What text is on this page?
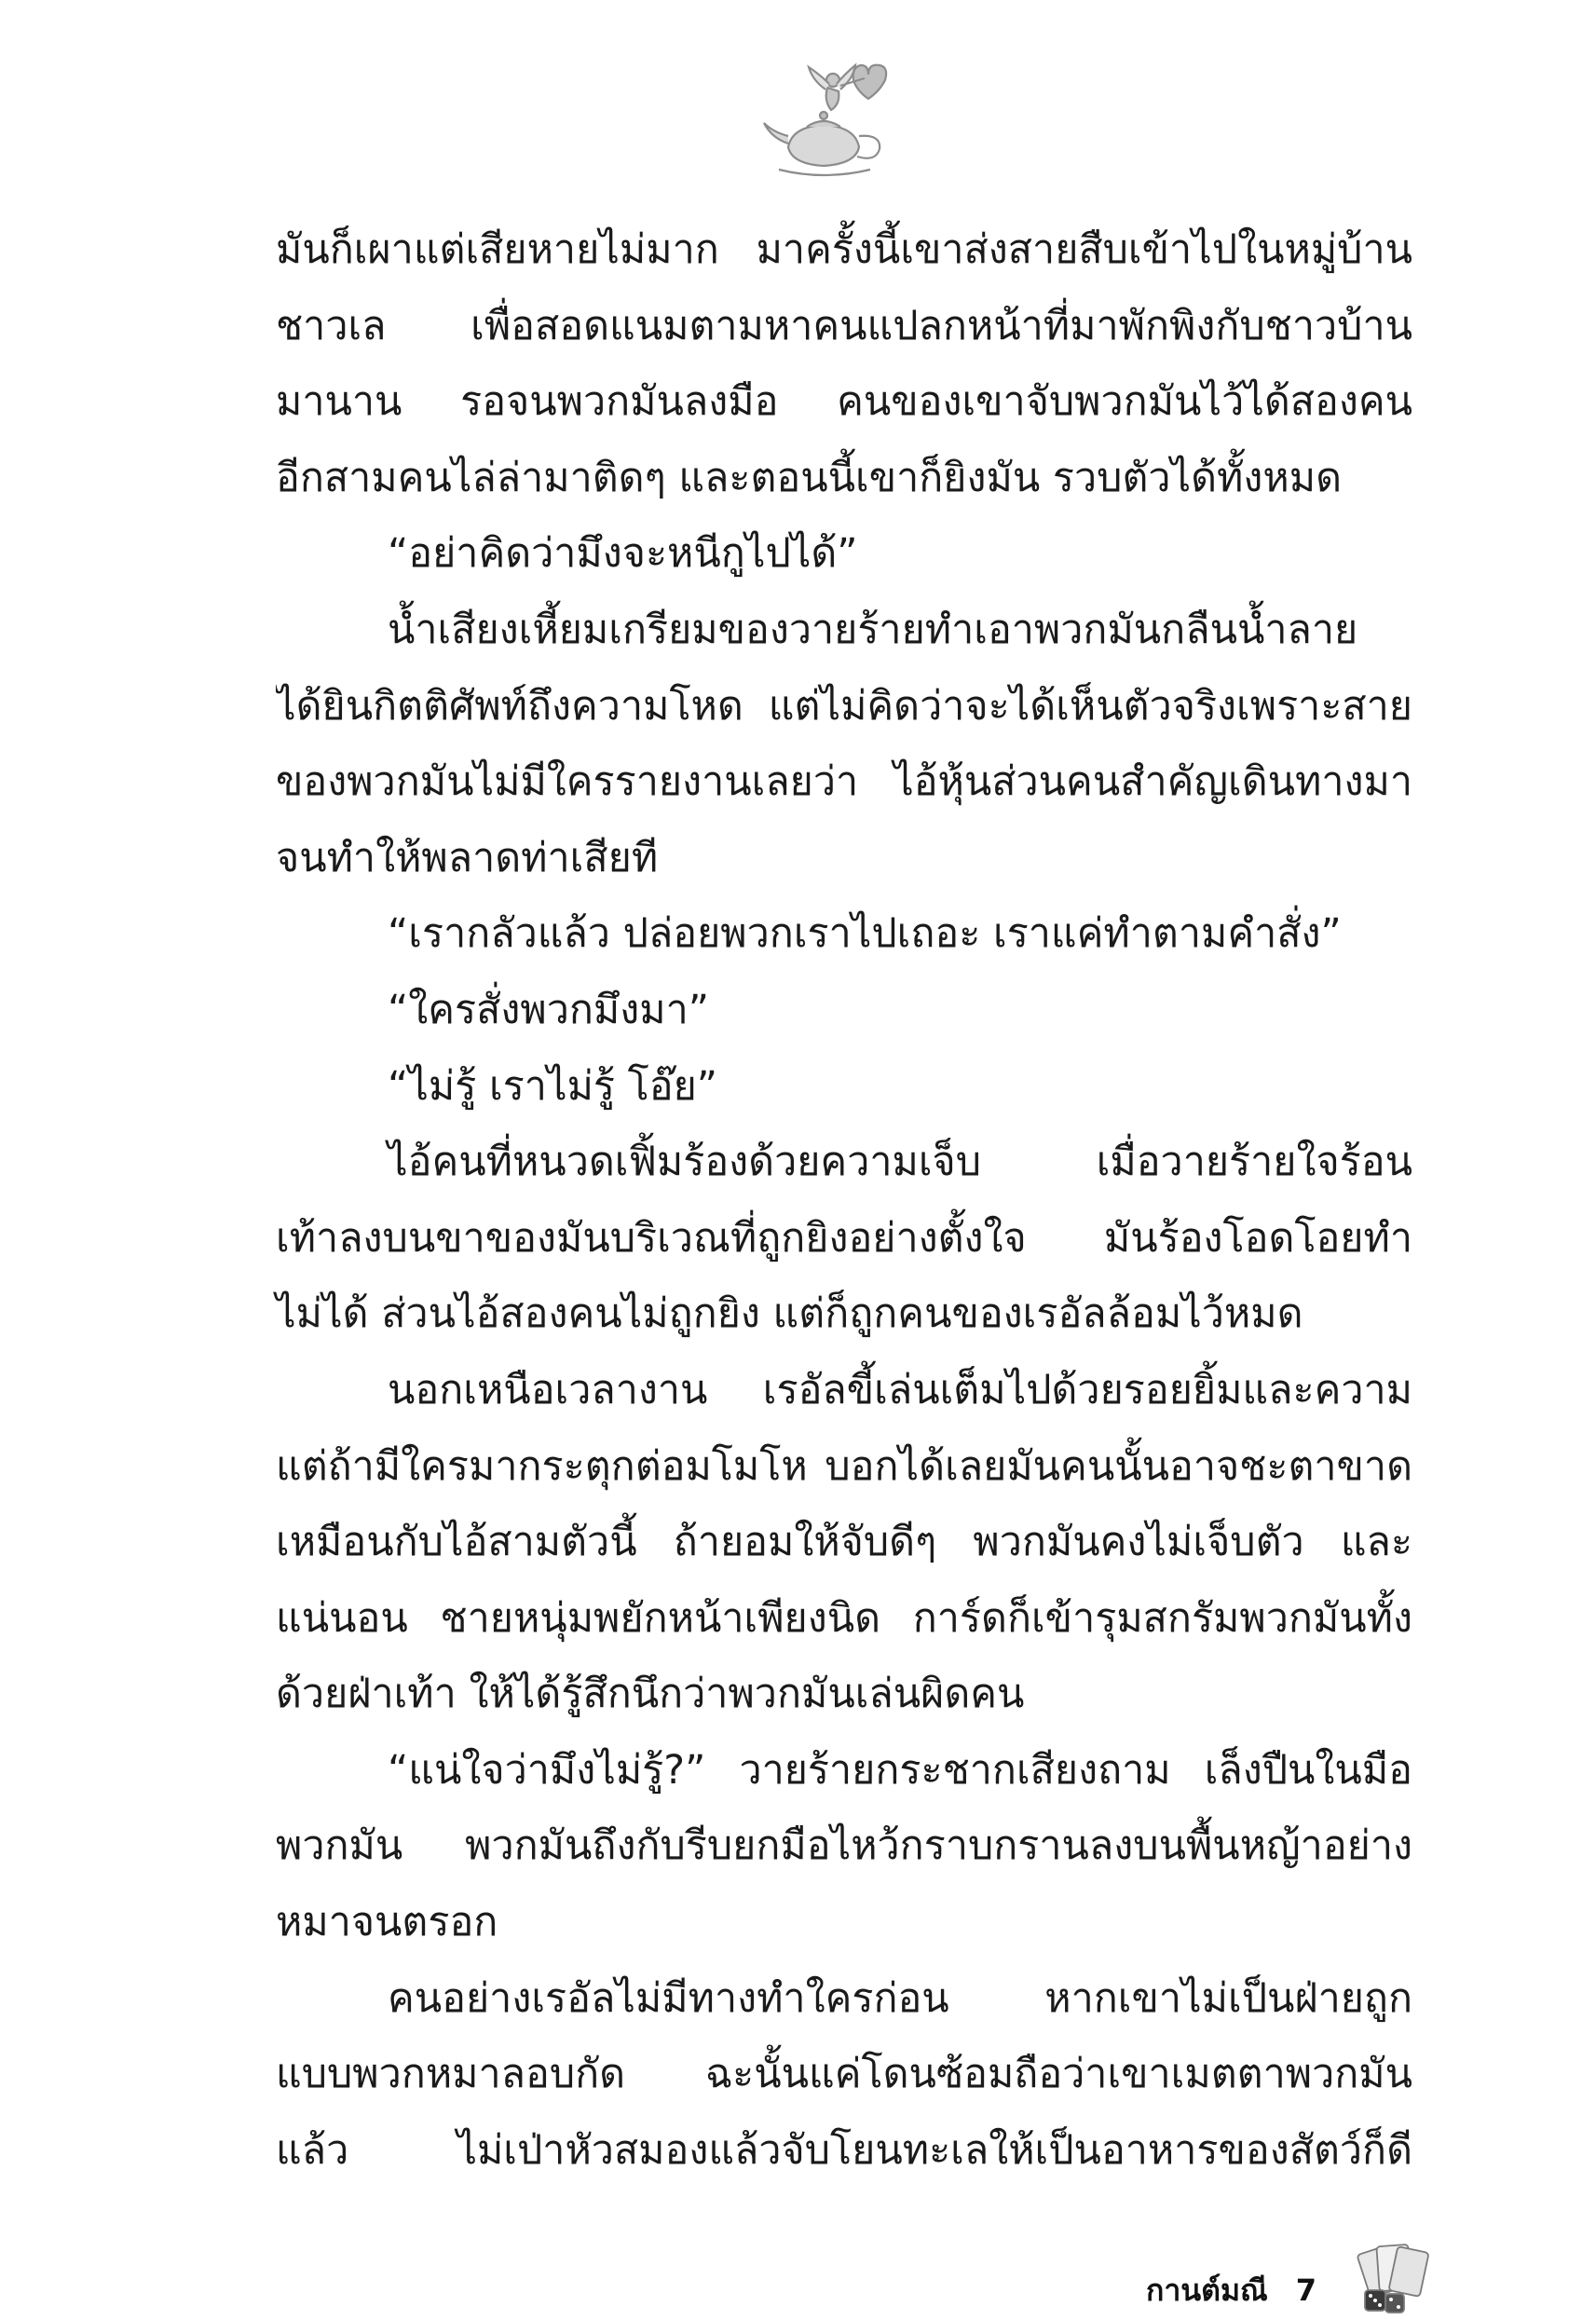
มันก็เผาแต่เสียหายไม่มาก มาครั้งนี้เขาส่งสายสืบเข้าไปในหมู่บ้าน
ชาวเล เพื่อสอดแนมตามหาคนแปลกหน้าที่มาพักพิงกับชาวบ้าน
มานาน รอจนพวกมันลงมือ คนของเขาจับพวกมันไว้ได้สองคน
อีกสามคนไล่ล่ามาติดๆ และตอนนี้เขาก็ยิงมัน รวบตัวได้ทั้งหมด
“อย่าคิดว่ามึงจะหนีกูไปได้”
น้ำเสียงเหี้ยมเกรียมของวายร้ายทำเอาพวกมันกลืนน้ำลาย
ได้ยินกิตติศัพท์ถึงความโหด แต่ไม่คิดว่าจะได้เห็นตัวจริงเพราะสาย
ของพวกมันไม่มีใครรายงานเลยว่า ไอ้หุ้นส่วนคนสำคัญเดินทางมา
จนทำให้พลาดท่าเสียที
“เรากลัวแล้ว ปล่อยพวกเราไปเถอะ เราแค่ทำตามคำสั่ง”
“ใครสั่งพวกมึงมา”
“ไม่รู้ เราไม่รู้ โอ๊ย”
ไอ้คนที่หนวดเฟิ้มร้องด้วยความเจ็บ เมื่อวายร้ายใจร้อน
เท้าลงบนขาของมันบริเวณที่ถูกยิงอย่างตั้งใจ มันร้องโอดโอยทำ
ไม่ได้ ส่วนไอ้สองคนไม่ถูกยิง แต่ก็ถูกคนของเรอัลล้อมไว้หมด
นอกเหนือเวลางาน เรอัลขี้เล่นเต็มไปด้วยรอยยิ้มและความ
แต่ถ้ามีใครมากระตุกต่อมโมโห บอกได้เลยมันคนนั้นอาจชะตาขาด
เหมือนกับไอ้สามตัวนี้ ถ้ายอมให้จับดีๆ พวกมันคงไม่เจ็บตัว และ
แน่นอน ชายหนุ่มพยักหน้าเพียงนิด การ์ดก็เข้ารุมสกรัมพวกมันทั้ง
ด้วยฝ่าเท้า ให้ได้รู้สึกนึกว่าพวกมันเล่นผิดคน
“แน่ใจว่ามึงไม่รู้?” วายร้ายกระชากเสียงถาม เล็งปืนในมือ
พวกมัน พวกมันถึงกับรีบยกมือไหว้กราบกรานลงบนพื้นหญ้าอย่าง
หมาจนตรอก
คนอย่างเรอัลไม่มีทางทำใครก่อน หากเขาไม่เป็นฝ่ายถูก
แบบพวกหมาลอบกัด ฉะนั้นแค่โดนซ้อมถือว่าเขาเมตตาพวกมัน
แล้ว ไม่เป่าหัวสมองแล้วจับโยนทะเลให้เป็นอาหารของสัตว์ก็ดี
กานต์มณี 7
